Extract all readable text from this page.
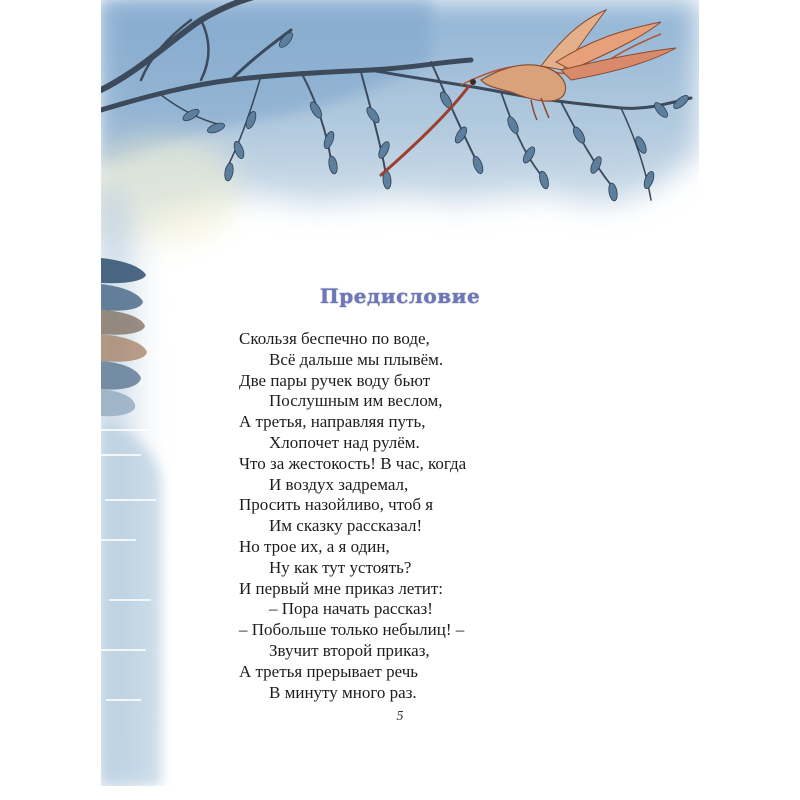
Предисловие
Скользя беспечно по воде,
Всё дальше мы плывём.
Две пары ручек воду бьют
Послушным им веслом,
А третья, направляя путь,
Хлопочет над рулём.
Что за жестокость! В час, когда
И воздух задремал,
Просить назойливо, чтоб я
Им сказку рассказал!
Но трое их, а я один,
Ну как тут устоять?
И первый мне приказ летит:
– Пора начать рассказ!
– Побольше только небылиц! –
Звучит второй приказ,
А третья прерывает речь
В минуту много раз.
5
